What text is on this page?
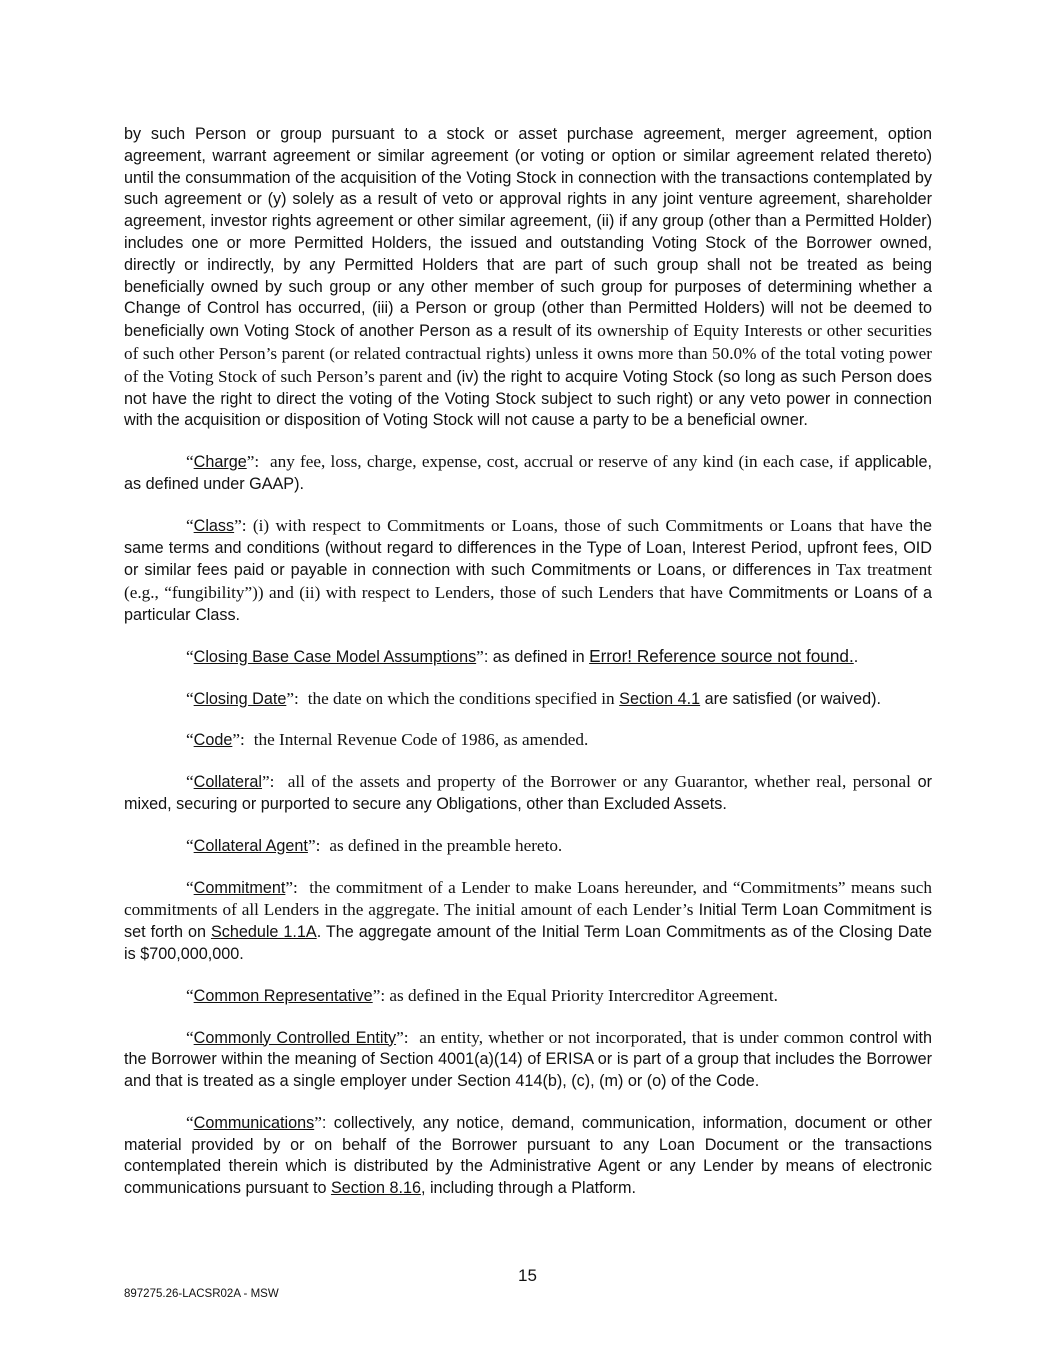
by such Person or group pursuant to a stock or asset purchase agreement, merger agreement, option agreement, warrant agreement or similar agreement (or voting or option or similar agreement related thereto) until the consummation of the acquisition of the Voting Stock in connection with the transactions contemplated by such agreement or (y) solely as a result of veto or approval rights in any joint venture agreement, shareholder agreement, investor rights agreement or other similar agreement, (ii) if any group (other than a Permitted Holder) includes one or more Permitted Holders, the issued and outstanding Voting Stock of the Borrower owned, directly or indirectly, by any Permitted Holders that are part of such group shall not be treated as being beneficially owned by such group or any other member of such group for purposes of determining whether a Change of Control has occurred, (iii) a Person or group (other than Permitted Holders) will not be deemed to beneficially own Voting Stock of another Person as a result of its ownership of Equity Interests or other securities of such other Person’s parent (or related contractual rights) unless it owns more than 50.0% of the total voting power of the Voting Stock of such Person’s parent and (iv) the right to acquire Voting Stock (so long as such Person does not have the right to direct the voting of the Voting Stock subject to such right) or any veto power in connection with the acquisition or disposition of Voting Stock will not cause a party to be a beneficial owner.

“Charge”: any fee, loss, charge, expense, cost, accrual or reserve of any kind (in each case, if applicable, as defined under GAAP).

“Class”: (i) with respect to Commitments or Loans, those of such Commitments or Loans that have the same terms and conditions (without regard to differences in the Type of Loan, Interest Period, upfront fees, OID or similar fees paid or payable in connection with such Commitments or Loans, or differences in Tax treatment (e.g., “fungibility”)) and (ii) with respect to Lenders, those of such Lenders that have Commitments or Loans of a particular Class.

“Closing Base Case Model Assumptions”: as defined in Error! Reference source not found..

“Closing Date”: the date on which the conditions specified in Section 4.1 are satisfied (or waived).

“Code”: the Internal Revenue Code of 1986, as amended.

“Collateral”: all of the assets and property of the Borrower or any Guarantor, whether real, personal or mixed, securing or purported to secure any Obligations, other than Excluded Assets.

“Collateral Agent”: as defined in the preamble hereto.

“Commitment”: the commitment of a Lender to make Loans hereunder, and “Commitments” means such commitments of all Lenders in the aggregate. The initial amount of each Lender’s Initial Term Loan Commitment is set forth on Schedule 1.1A. The aggregate amount of the Initial Term Loan Commitments as of the Closing Date is $700,000,000.

“Common Representative”: as defined in the Equal Priority Intercreditor Agreement.

“Commonly Controlled Entity”: an entity, whether or not incorporated, that is under common control with the Borrower within the meaning of Section 4001(a)(14) of ERISA or is part of a group that includes the Borrower and that is treated as a single employer under Section 414(b), (c), (m) or (o) of the Code.

“Communications”: collectively, any notice, demand, communication, information, document or other material provided by or on behalf of the Borrower pursuant to any Loan Document or the transactions contemplated therein which is distributed by the Administrative Agent or any Lender by means of electronic communications pursuant to Section 8.16, including through a Platform.

15
897275.26-LACSR02A - MSW
